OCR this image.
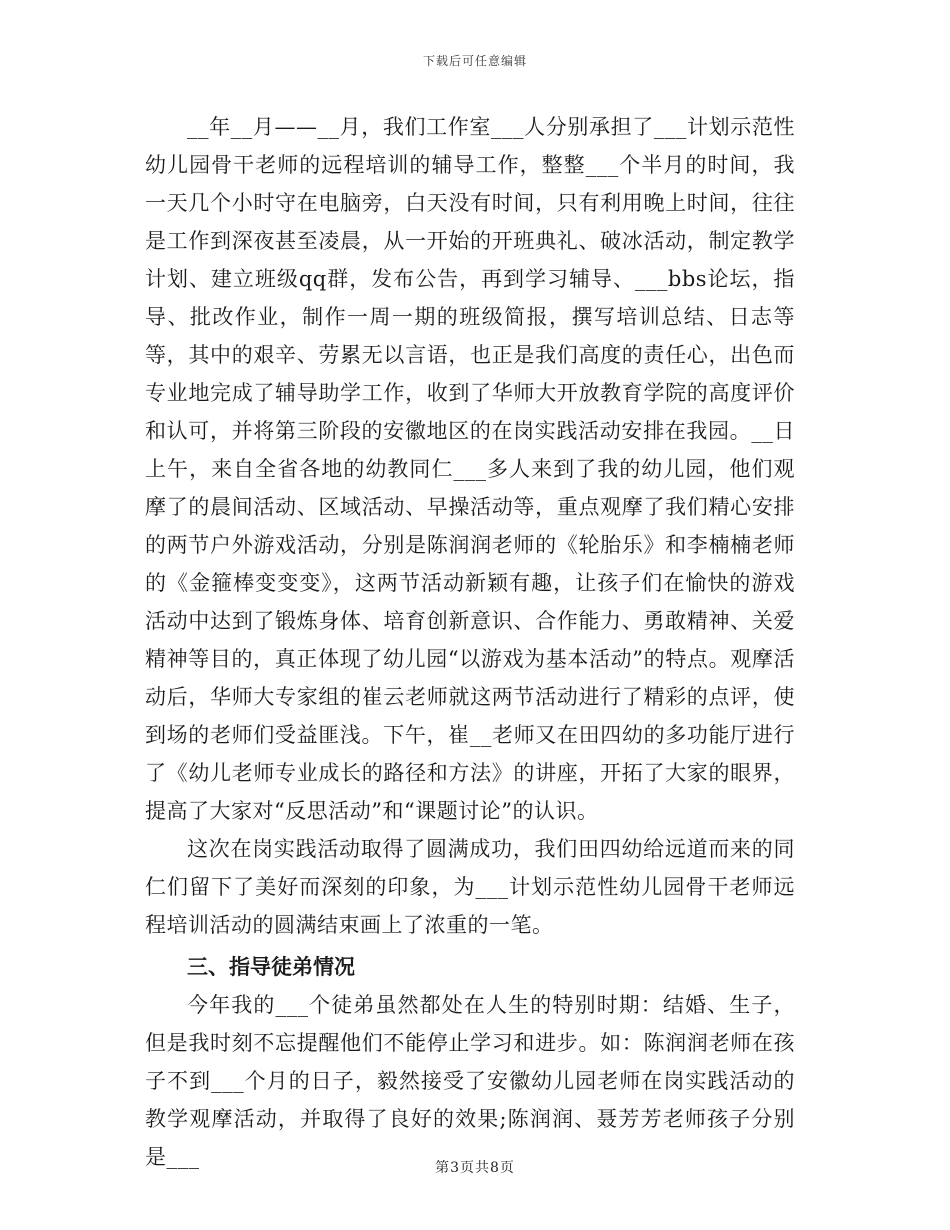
下载后可任意编辑

__年__月——__月，我们工作室___人分别承担了___计划示范性幼儿园骨干老师的远程培训的辅导工作，整整___个半月的时间，我一天几个小时守在电脑旁，白天没有时间，只有利用晚上时间，往往是工作到深夜甚至凌晨，从一开始的开班典礼、破冰活动，制定教学计划、建立班级qq群，发布公告，再到学习辅导、___bbs论坛，指导、批改作业，制作一周一期的班级简报，撰写培训总结、日志等等，其中的艰辛、劳累无以言语，也正是我们高度的责任心，出色而专业地完成了辅导助学工作，收到了华师大开放教育学院的高度评价和认可，并将第三阶段的安徽地区的在岗实践活动安排在我园。__日上午，来自全省各地的幼教同仁___多人来到了我的幼儿园，他们观摩了的晨间活动、区域活动、早操活动等，重点观摩了我们精心安排的两节户外游戏活动，分别是陈润润老师的《轮胎乐》和李楠楠老师的《金箍棒变变变》，这两节活动新颖有趣，让孩子们在愉快的游戏活动中达到了锻炼身体、培育创新意识、合作能力、勇敢精神、关爱精神等目的，真正体现了幼儿园“以游戏为基本活动”的特点。观摩活动后，华师大专家组的崔云老师就这两节活动进行了精彩的点评，使到场的老师们受益匪浅。下午，崔__老师又在田四幼的多功能厅进行了《幼儿老师专业成长的路径和方法》的讲座，开拓了大家的眼界，提高了大家对“反思活动”和“课题讨论”的认识。

这次在岗实践活动取得了圆满成功，我们田四幼给远道而来的同仁们留下了美好而深刻的印象，为___计划示范性幼儿园骨干老师远程培训活动的圆满结束画上了浓重的一笔。

三、指导徒弟情况

今年我的___个徒弟虽然都处在人生的特别时期：结婚、生子，但是我时刻不忘提醒他们不能停止学习和进步。如：陈润润老师在孩子不到___个月的日子，毅然接受了安徽幼儿园老师在岗实践活动的教学观摩活动，并取得了良好的效果;陈润润、聂芳芳老师孩子分别是___	第3页共8页
